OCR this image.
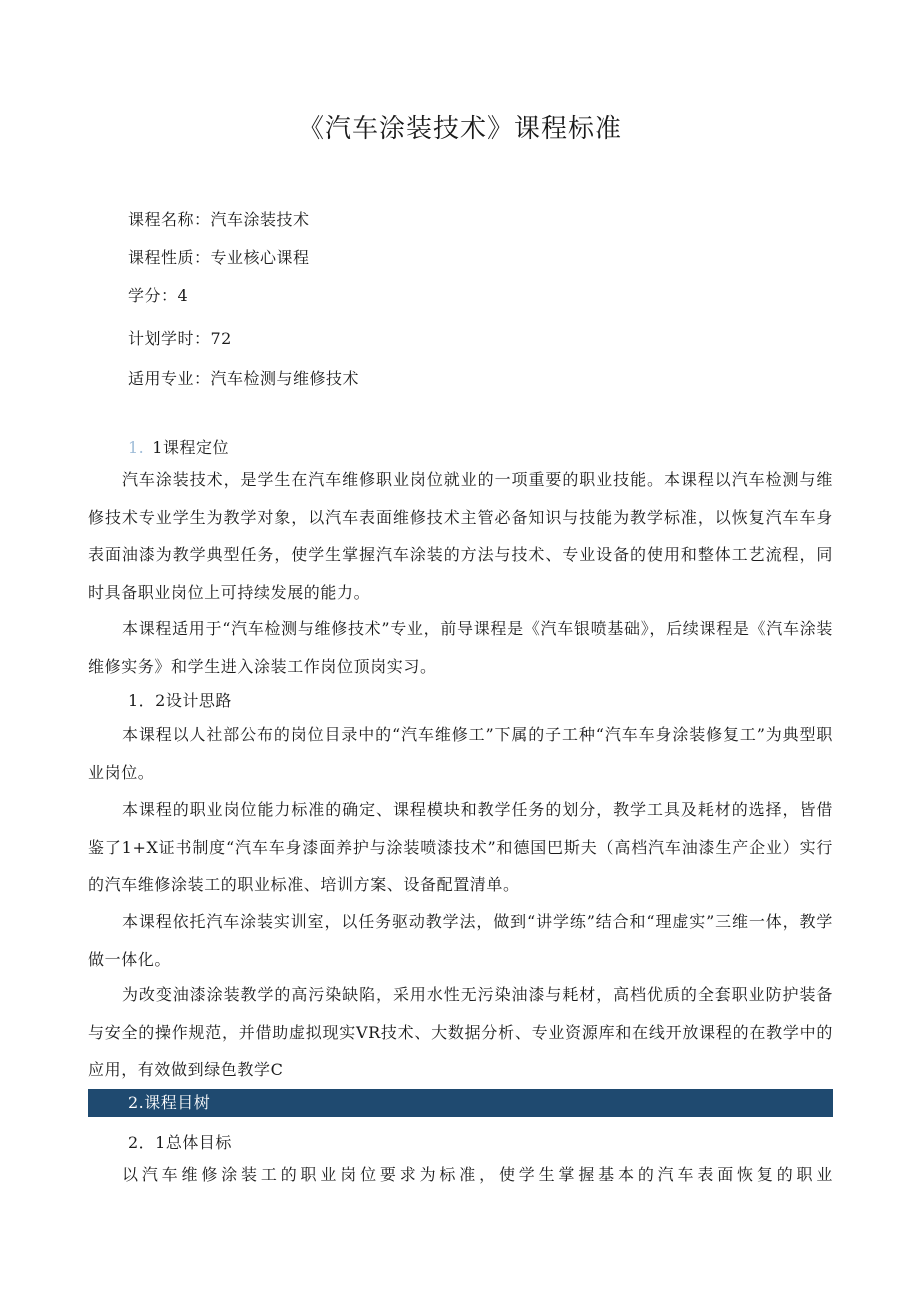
《汽车涂装技术》课程标准
课程名称：汽车涂装技术
课程性质：专业核心课程
学分：4
计划学时：72
适用专业：汽车检测与维修技术
1. 1课程定位
汽车涂装技术，是学生在汽车维修职业岗位就业的一项重要的职业技能。本课程以汽车检测与维修技术专业学生为教学对象，以汽车表面维修技术主管必备知识与技能为教学标准，以恢复汽车车身表面油漆为教学典型任务，使学生掌握汽车涂装的方法与技术、专业设备的使用和整体工艺流程，同时具备职业岗位上可持续发展的能力。
本课程适用于“汽车检测与维修技术”专业，前导课程是《汽车银喷基础》，后续课程是《汽车涂装维修实务》和学生进入涂装工作岗位顶岗实习。
1．2设计思路
本课程以人社部公布的岗位目录中的“汽车维修工”下属的子工种“汽车车身涂装修复工”为典型职业岗位。
本课程的职业岗位能力标准的确定、课程模块和教学任务的划分，教学工具及耗材的选择，皆借鉴了1+X证书制度“汽车车身漆面养护与涂装喷漆技术”和德国巴斯夫（高档汽车油漆生产企业）实行的汽车维修涂装工的职业标准、培训方案、设备配置清单。
本课程依托汽车涂装实训室，以任务驱动教学法，做到“讲学练”结合和“理虚实”三维一体，教学做一体化。
为改变油漆涂装教学的高污染缺陷，采用水性无污染油漆与耗材，高档优质的全套职业防护装备与安全的操作规范，并借助虚拟现实VR技术、大数据分析、专业资源库和在线开放课程的在教学中的应用，有效做到绿色教学C
2.课程目树
2．1总体目标
以汽车维修涂装工的职业岗位要求为标准，使学生掌握基本的汽车表面恢复的职业
